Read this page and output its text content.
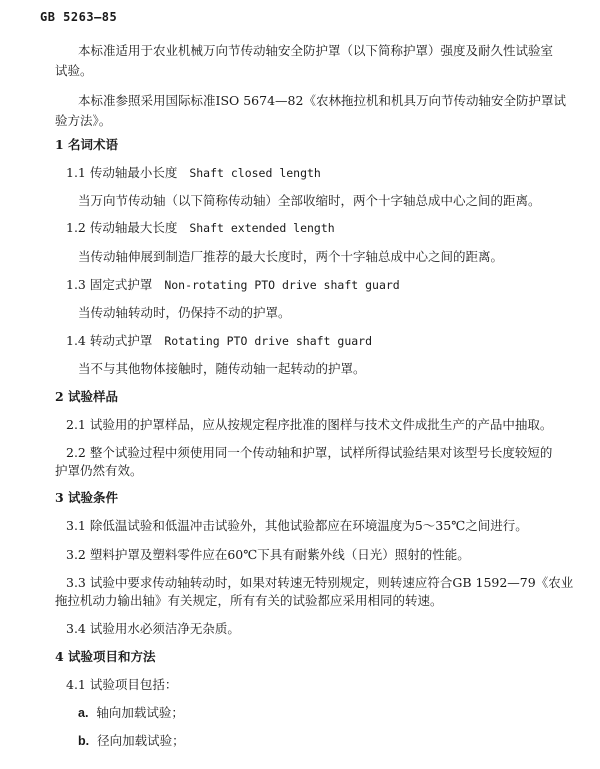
GB 5263—85
本标准适用于农业机械万向节传动轴安全防护罩（以下简称护罩）强度及耐久性试验室
试验。
本标准参照采用国际标准ISO 5674—82《农林拖拉机和机具万向节传动轴安全防护罩试
验方法》。
1 名词术语
1.1 传动轴最小长度 Shaft closed length
当万向节传动轴（以下简称传动轴）全部收缩时，两个十字轴总成中心之间的距离。
1.2 传动轴最大长度 Shaft extended length
当传动轴伸展到制造厂推荐的最大长度时，两个十字轴总成中心之间的距离。
1.3 固定式护罩 Non-rotating PTO drive shaft guard
当传动轴转动时，仍保持不动的护罩。
1.4 转动式护罩 Rotating PTO drive shaft guard
当不与其他物体接触时，随传动轴一起转动的护罩。
2 试验样品
2.1 试验用的护罩样品，应从按规定程序批准的图样与技术文件成批生产的产品中抽取。
2.2 整个试验过程中须使用同一个传动轴和护罩，试样所得试验结果对该型号长度较短的
护罩仍然有效。
3 试验条件
3.1 除低温试验和低温冲击试验外，其他试验都应在环境温度为5～35℃之间进行。
3.2 塑料护罩及塑料零件应在60℃下具有耐紫外线（日光）照射的性能。
3.3 试验中要求传动轴转动时，如果对转速无特别规定，则转速应符合GB 1592—79《农业
拖拉机动力输出轴》有关规定，所有有关的试验都应采用相同的转速。
3.4 试验用水必须洁净无杂质。
4 试验项目和方法
4.1 试验项目包括：
a. 轴向加载试验；
b. 径向加载试验；
